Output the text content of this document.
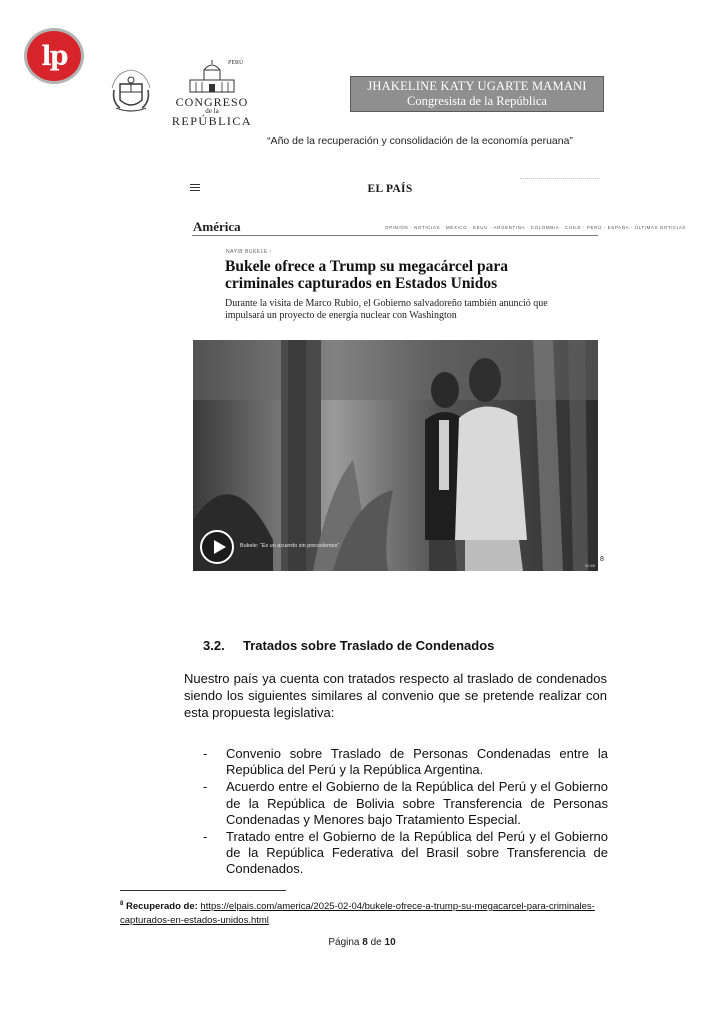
lp	PERÚ
CONGRESO
de la
REPÚBLICA
JHAKELINE KATY UGARTE MAMANI
Congresista de la República
“Año de la recuperación y consolidación de la economía peruana”
EL PAÍS
América	OPINIÓN · NOTICIAS · MÉXICO · EEUU · ARGENTINA · COLOMBIA · CHILE · PERÚ · ESPAÑA · ÚLTIMAS NOTICIAS
NAYIB BUKELE ›
Bukele ofrece a Trump su megacárcel para criminales capturados en Estados Unidos
Durante la visita de Marco Rubio, el Gobierno salvadoreño también anunció que impulsará un proyecto de energía nuclear con Washington
Bukele: “Es un acuerdo sin precedentes”
02:45
8
3.2. Tratados sobre Traslado de Condenados
Nuestro país ya cuenta con tratados respecto al traslado de condenados siendo los siguientes similares al convenio que se pretende realizar con esta propuesta legislativa:
- Convenio sobre Traslado de Personas Condenadas entre la República del Perú y la República Argentina.
- Acuerdo entre el Gobierno de la República del Perú y el Gobierno de la República de Bolivia sobre Transferencia de Personas Condenadas y Menores bajo Tratamiento Especial.
- Tratado entre el Gobierno de la República del Perú y el Gobierno de la República Federativa del Brasil sobre Transferencia de Condenados.
$^8$ Recuperado de: https://elpais.com/america/2025-02-04/bukele-ofrece-a-trump-su-megacarcel-para-criminales-capturados-en-estados-unidos.html
Página 8 de 10
